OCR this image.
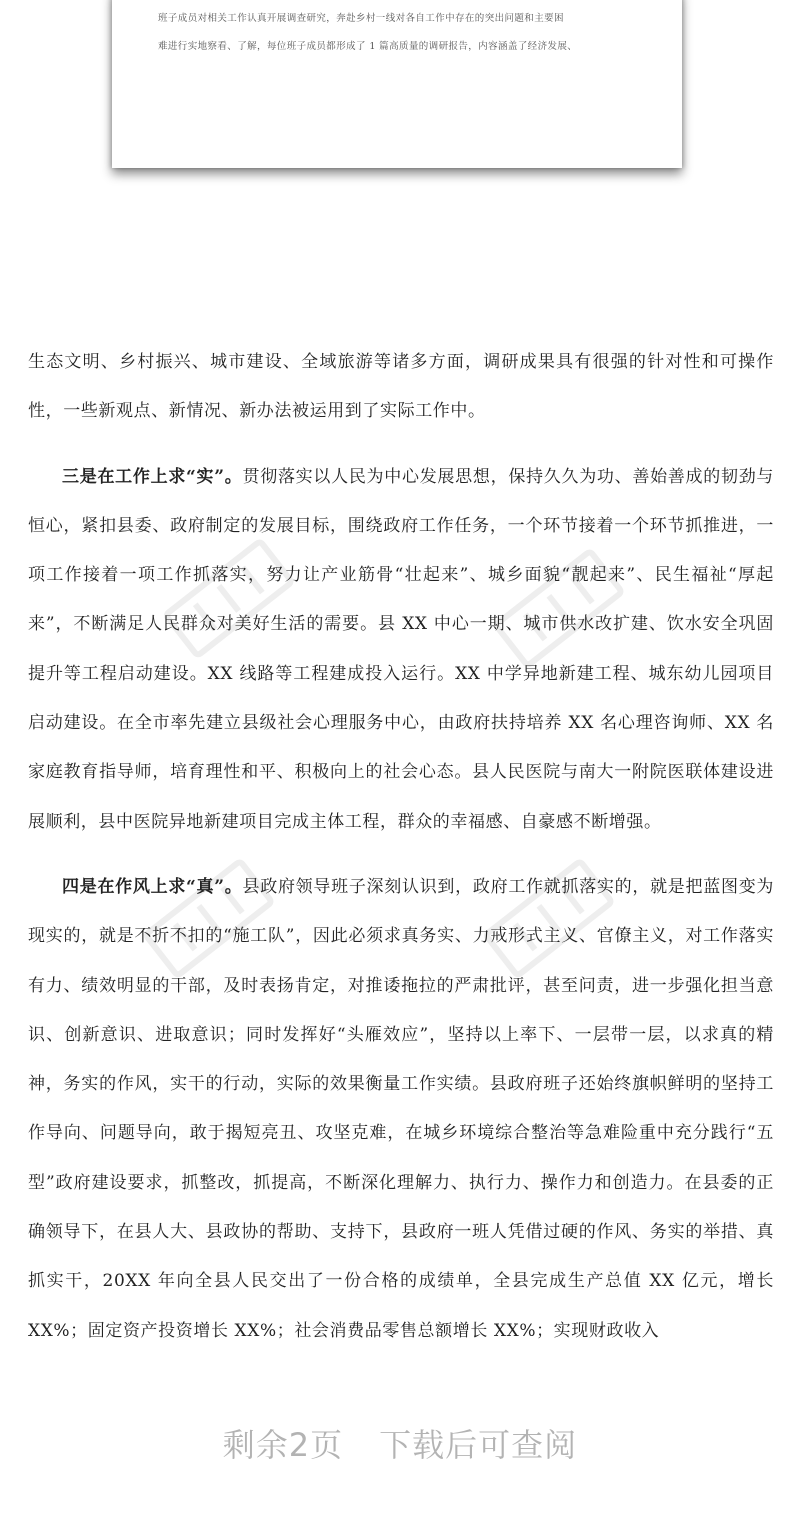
班子成员对相关工作认真开展调查研究，奔赴乡村一线对各自工作中存在的突出问题和主要困
难进行实地察看、了解，每位班子成员都形成了 1 篇高质量的调研报告，内容涵盖了经济发展、

生态文明、乡村振兴、城市建设、全域旅游等诸多方面，调研成果具有很强的针对性和可操作性，一些新观点、新情况、新办法被运用到了实际工作中。

三是在工作上求“实”。贯彻落实以人民为中心发展思想，保持久久为功、善始善成的韧劲与恒心，紧扣县委、政府制定的发展目标，围绕政府工作任务，一个环节接着一个环节抓推进，一项工作接着一项工作抓落实，努力让产业筋骨“壮起来”、城乡面貌“靓起来”、民生福祉“厚起来”，不断满足人民群众对美好生活的需要。县 XX 中心一期、城市供水改扩建、饮水安全巩固提升等工程启动建设。XX 线路等工程建成投入运行。XX 中学异地新建工程、城东幼儿园项目启动建设。在全市率先建立县级社会心理服务中心，由政府扶持培养 XX 名心理咨询师、XX 名家庭教育指导师，培育理性和平、积极向上的社会心态。县人民医院与南大一附院医联体建设进展顺利，县中医院异地新建项目完成主体工程，群众的幸福感、自豪感不断增强。

四是在作风上求“真”。县政府领导班子深刻认识到，政府工作就抓落实的，就是把蓝图变为现实的，就是不折不扣的“施工队”，因此必须求真务实、力戒形式主义、官僚主义，对工作落实有力、绩效明显的干部，及时表扬肯定，对推诿拖拉的严肃批评，甚至问责，进一步强化担当意识、创新意识、进取意识；同时发挥好“头雁效应”，坚持以上率下、一层带一层，以求真的精神，务实的作风，实干的行动，实际的效果衡量工作实绩。县政府班子还始终旗帜鲜明的坚持工作导向、问题导向，敢于揭短亮丑、攻坚克难，在城乡环境综合整治等急难险重中充分践行“五型”政府建设要求，抓整改，抓提高，不断深化理解力、执行力、操作力和创造力。在县委的正确领导下，在县人大、县政协的帮助、支持下，县政府一班人凭借过硬的作风、务实的举措、真抓实干，20XX 年向全县人民交出了一份合格的成绩单，全县完成生产总值 XX 亿元，增长 XX%；固定资产投资增长 XX%；社会消费品零售总额增长 XX%；实现财政收入

剩余2页 下载后可查阅
